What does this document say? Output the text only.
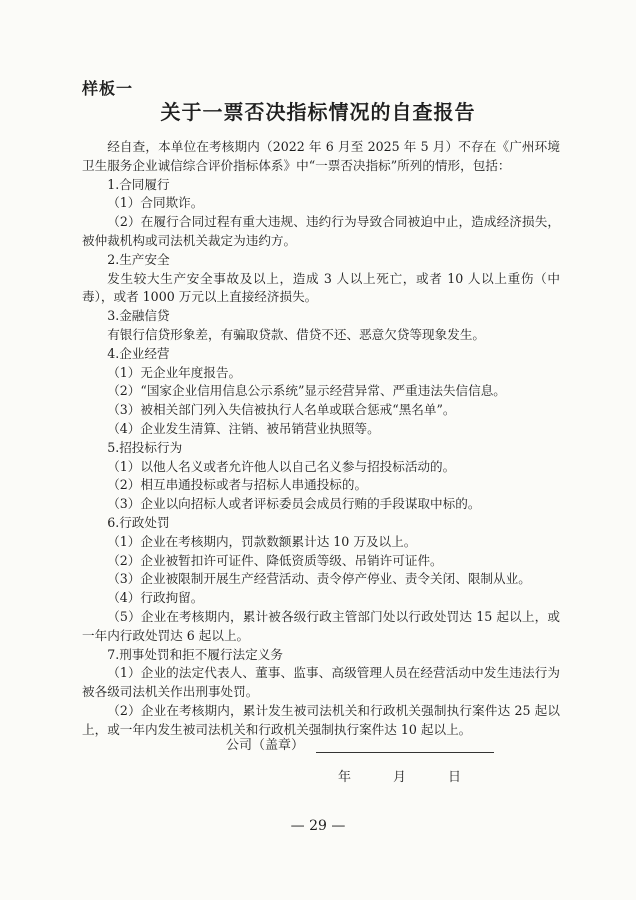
样板一
关于一票否决指标情况的自查报告

经自查，本单位在考核期内（2022 年 6 月至 2025 年 5 月）不存在《广州环境卫生服务企业诚信综合评价指标体系》中“一票否决指标”所列的情形，包括：

1.合同履行

（1）合同欺诈。

（2）在履行合同过程有重大违规、违约行为导致合同被迫中止，造成经济损失，被仲裁机构或司法机关裁定为违约方。

2.生产安全

发生较大生产安全事故及以上，造成 3 人以上死亡，或者 10 人以上重伤（中毒），或者 1000 万元以上直接经济损失。

3.金融信贷

有银行信贷形象差，有骗取贷款、借贷不还、恶意欠贷等现象发生。

4.企业经营

（1）无企业年度报告。

（2）“国家企业信用信息公示系统”显示经营异常、严重违法失信信息。

（3）被相关部门列入失信被执行人名单或联合惩戒“黑名单”。

（4）企业发生清算、注销、被吊销营业执照等。

5.招投标行为

（1）以他人名义或者允许他人以自己名义参与招投标活动的。

（2）相互串通投标或者与招标人串通投标的。

（3）企业以向招标人或者评标委员会成员行贿的手段谋取中标的。

6.行政处罚

（1）企业在考核期内，罚款数额累计达 10 万及以上。

（2）企业被暂扣许可证件、降低资质等级、吊销许可证件。

（3）企业被限制开展生产经营活动、责令停产停业、责令关闭、限制从业。

（4）行政拘留。

（5）企业在考核期内，累计被各级行政主管部门处以行政处罚达 15 起以上，或一年内行政处罚达 6 起以上。

7.刑事处罚和拒不履行法定义务

（1）企业的法定代表人、董事、监事、高级管理人员在经营活动中发生违法行为被各级司法机关作出刑事处罚。

（2）企业在考核期内，累计发生被司法机关和行政机关强制执行案件达 25 起以上，或一年内发生被司法机关和行政机关强制执行案件达 10 起以上。

公司（盖章）
年	月	日
— 29 —
